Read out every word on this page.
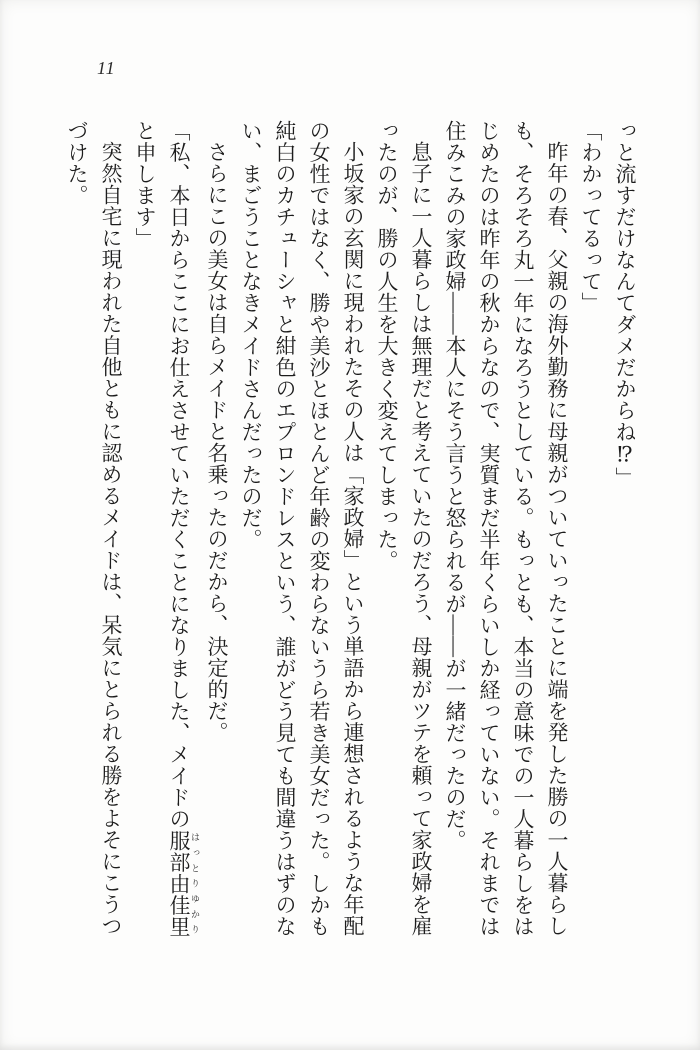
11

っと流すだけなんてダメだからね⁉」

「わかってるって」

昨年の春、父親の海外勤務に母親がついていったことに端を発した勝の一人暮らし

も、そろそろ丸一年になろうとしている。もっとも、本当の意味での一人暮らしをは

じめたのは昨年の秋からなので、実質まだ半年くらいしか経っていない。それまでは

住みこみの家政婦――本人にそう言うと怒られるが――が一緒だったのだ。

息子に一人暮らしは無理だと考えていたのだろう、母親がツテを頼って家政婦を雇

ったのが、勝の人生を大きく変えてしまった。

小坂家の玄関に現われたその人は「家政婦」という単語から連想されるような年配

の女性ではなく、勝や美沙とほとんど年齢の変わらないうら若き美女だった。しかも

純白のカチューシャと紺色のエプロンドレスという、誰がどう見ても間違うはずのな

い、まごうことなきメイドさんだったのだ。

さらにこの美女は自らメイドと名乗ったのだから、決定的だ。

「私、本日からここにお仕えさせていただくことになりました、メイドの服部由佳里 はっとりゆかり

と申します」

突然自宅に現われた自他ともに認めるメイドは、呆気にとられる勝をよそにこうつ

づけた。
